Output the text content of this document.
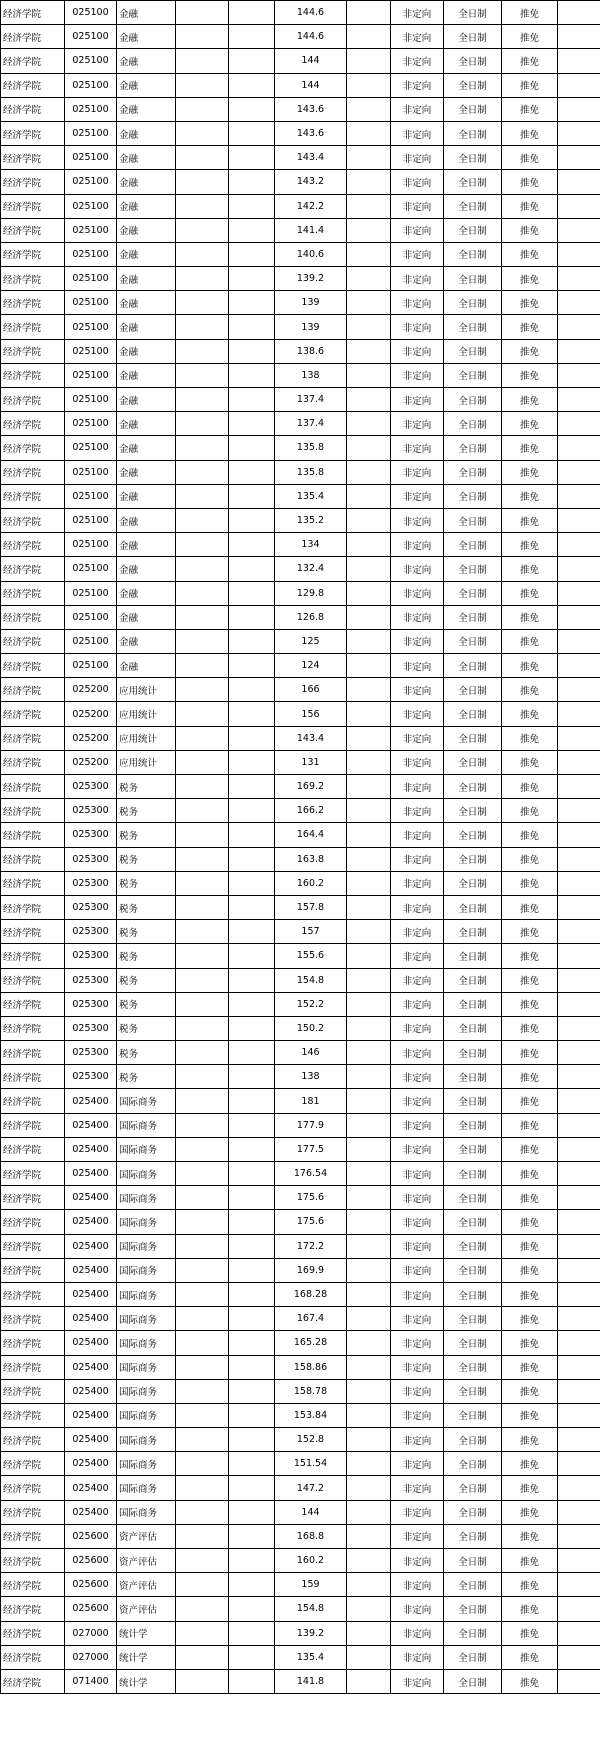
经济学院	025100	金融			144.6		非定向	全日制	推免	
经济学院	025100	金融			144.6		非定向	全日制	推免	
经济学院	025100	金融			144		非定向	全日制	推免	
经济学院	025100	金融			144		非定向	全日制	推免	
经济学院	025100	金融			143.6		非定向	全日制	推免	
经济学院	025100	金融			143.6		非定向	全日制	推免	
经济学院	025100	金融			143.4		非定向	全日制	推免	
经济学院	025100	金融			143.2		非定向	全日制	推免	
经济学院	025100	金融			142.2		非定向	全日制	推免	
经济学院	025100	金融			141.4		非定向	全日制	推免	
经济学院	025100	金融			140.6		非定向	全日制	推免	
经济学院	025100	金融			139.2		非定向	全日制	推免	
经济学院	025100	金融			139		非定向	全日制	推免	
经济学院	025100	金融			139		非定向	全日制	推免	
经济学院	025100	金融			138.6		非定向	全日制	推免	
经济学院	025100	金融			138		非定向	全日制	推免	
经济学院	025100	金融			137.4		非定向	全日制	推免	
经济学院	025100	金融			137.4		非定向	全日制	推免	
经济学院	025100	金融			135.8		非定向	全日制	推免	
经济学院	025100	金融			135.8		非定向	全日制	推免	
经济学院	025100	金融			135.4		非定向	全日制	推免	
经济学院	025100	金融			135.2		非定向	全日制	推免	
经济学院	025100	金融			134		非定向	全日制	推免	
经济学院	025100	金融			132.4		非定向	全日制	推免	
经济学院	025100	金融			129.8		非定向	全日制	推免	
经济学院	025100	金融			126.8		非定向	全日制	推免	
经济学院	025100	金融			125		非定向	全日制	推免	
经济学院	025100	金融			124		非定向	全日制	推免	
经济学院	025200	应用统计			166		非定向	全日制	推免	
经济学院	025200	应用统计			156		非定向	全日制	推免	
经济学院	025200	应用统计			143.4		非定向	全日制	推免	
经济学院	025200	应用统计			131		非定向	全日制	推免	
经济学院	025300	税务			169.2		非定向	全日制	推免	
经济学院	025300	税务			166.2		非定向	全日制	推免	
经济学院	025300	税务			164.4		非定向	全日制	推免	
经济学院	025300	税务			163.8		非定向	全日制	推免	
经济学院	025300	税务			160.2		非定向	全日制	推免	
经济学院	025300	税务			157.8		非定向	全日制	推免	
经济学院	025300	税务			157		非定向	全日制	推免	
经济学院	025300	税务			155.6		非定向	全日制	推免	
经济学院	025300	税务			154.8		非定向	全日制	推免	
经济学院	025300	税务			152.2		非定向	全日制	推免	
经济学院	025300	税务			150.2		非定向	全日制	推免	
经济学院	025300	税务			146		非定向	全日制	推免	
经济学院	025300	税务			138		非定向	全日制	推免	
经济学院	025400	国际商务			181		非定向	全日制	推免	
经济学院	025400	国际商务			177.9		非定向	全日制	推免	
经济学院	025400	国际商务			177.5		非定向	全日制	推免	
经济学院	025400	国际商务			176.54		非定向	全日制	推免	
经济学院	025400	国际商务			175.6		非定向	全日制	推免	
经济学院	025400	国际商务			175.6		非定向	全日制	推免	
经济学院	025400	国际商务			172.2		非定向	全日制	推免	
经济学院	025400	国际商务			169.9		非定向	全日制	推免	
经济学院	025400	国际商务			168.28		非定向	全日制	推免	
经济学院	025400	国际商务			167.4		非定向	全日制	推免	
经济学院	025400	国际商务			165.28		非定向	全日制	推免	
经济学院	025400	国际商务			158.86		非定向	全日制	推免	
经济学院	025400	国际商务			158.78		非定向	全日制	推免	
经济学院	025400	国际商务			153.84		非定向	全日制	推免	
经济学院	025400	国际商务			152.8		非定向	全日制	推免	
经济学院	025400	国际商务			151.54		非定向	全日制	推免	
经济学院	025400	国际商务			147.2		非定向	全日制	推免	
经济学院	025400	国际商务			144		非定向	全日制	推免	
经济学院	025600	资产评估			168.8		非定向	全日制	推免	
经济学院	025600	资产评估			160.2		非定向	全日制	推免	
经济学院	025600	资产评估			159		非定向	全日制	推免	
经济学院	025600	资产评估			154.8		非定向	全日制	推免	
经济学院	027000	统计学			139.2		非定向	全日制	推免	
经济学院	027000	统计学			135.4		非定向	全日制	推免	
经济学院	071400	统计学			141.8		非定向	全日制	推免	
